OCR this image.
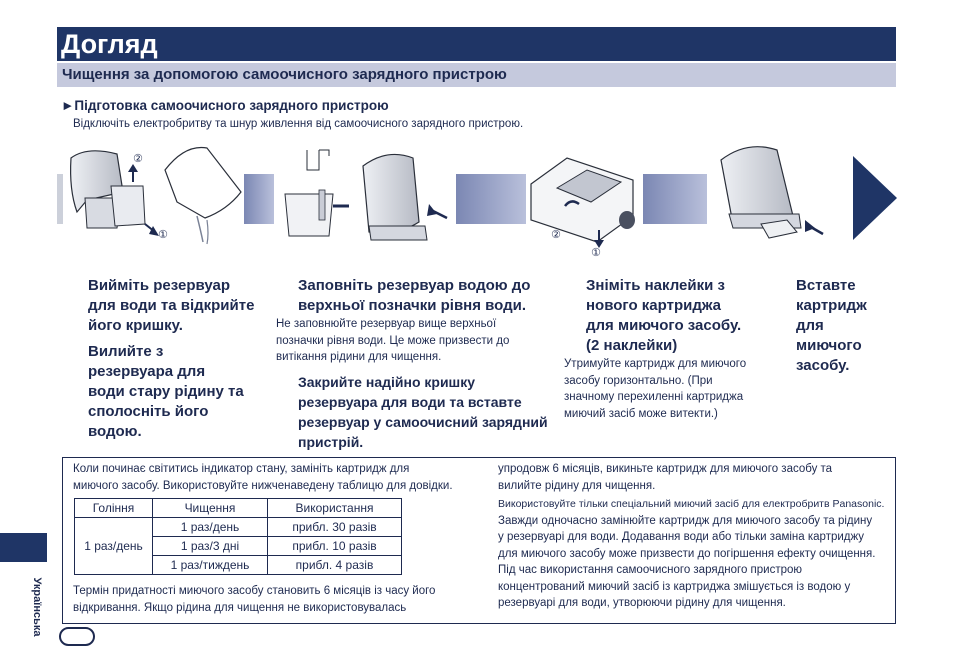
Догляд
Чищення за допомогою самоочисного зарядного пристрою
►Підготовка самоочисного зарядного пристрою
Відключіть електробритву та шнур живлення від самоочисного зарядного пристрою.
②
①	②
①
Вийміть резервуар
для води та відкрийте
його кришку.
Вилийте з
резервуара для
води стару рідину та
сполосніть його
водою.
Заповніть резервуар водою до
верхньої позначки рівня води.
Не заповнюйте резервуар вище верхньої
позначки рівня води. Це може призвести до
витікання рідини для чищення.
Закрийте надійно кришку
резервуара для води та вставте
резервуар у самоочисний зарядний
пристрій.
Зніміть наклейки з
нового картриджа
для миючого засобу.
(2 наклейки)
Утримуйте картридж для миючого
засобу горизонтально. (При
значному перехиленні картриджа
миючий засіб може витекти.)
Вставте
картридж
для
миючого
засобу.
Коли починає світитись індикатор стану, замініть картридж для
миючого засобу. Використовуйте нижченаведену таблицю для довідки.
Гоління	Чищення	Використання
1 раз/день	1 раз/день	прибл. 30 разів
	1 раз/3 дні	прибл. 10 разів
	1 раз/тиждень	прибл. 4 разів
Термін придатності миючого засобу становить 6 місяців із часу його
відкривання. Якщо рідина для чищення не використовувалась
упродовж 6 місяців, викиньте картридж для миючого засобу та
вилийте рідину для чищення.
Використовуйте тільки спеціальний миючий засіб для електробритв Panasonic.
Завжди одночасно замінюйте картридж для миючого засобу та рідину
у резервуарі для води. Додавання води або тільки заміна картриджу
для миючого засобу може призвести до погіршення ефекту очищення.
Під час використання самоочисного зарядного пристрою
концентрований миючий засіб із картриджа змішується із водою у
резервуарі для води, утворюючи рідину для чищення.
Українська
